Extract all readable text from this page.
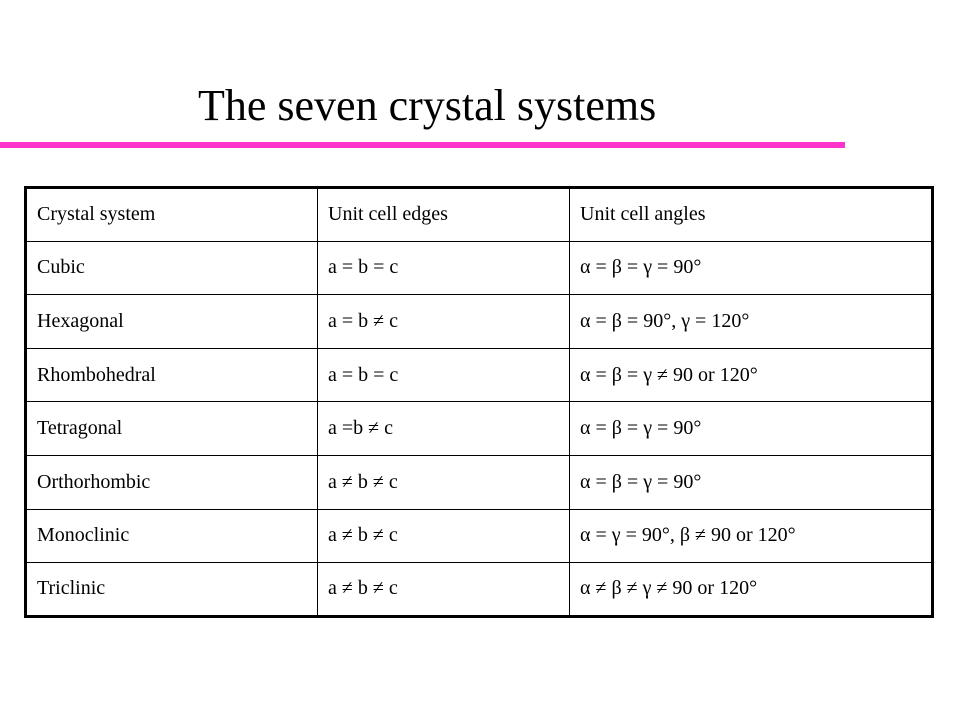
The seven crystal systems
Crystal system	Unit cell edges	Unit cell angles
Cubic	a = b = c	α = β = γ = 90°
Hexagonal	a = b ≠ c	α = β = 90°, γ = 120°
Rhombohedral	a = b = c	α = β = γ ≠ 90 or 120°
Tetragonal	a =b ≠ c	α = β = γ = 90°
Orthorhombic	a ≠ b ≠ c	α = β = γ = 90°
Monoclinic	a ≠ b ≠ c	α = γ = 90°, β ≠ 90 or 120°
Triclinic	a ≠ b ≠ c	α ≠ β ≠ γ ≠ 90 or 120°
